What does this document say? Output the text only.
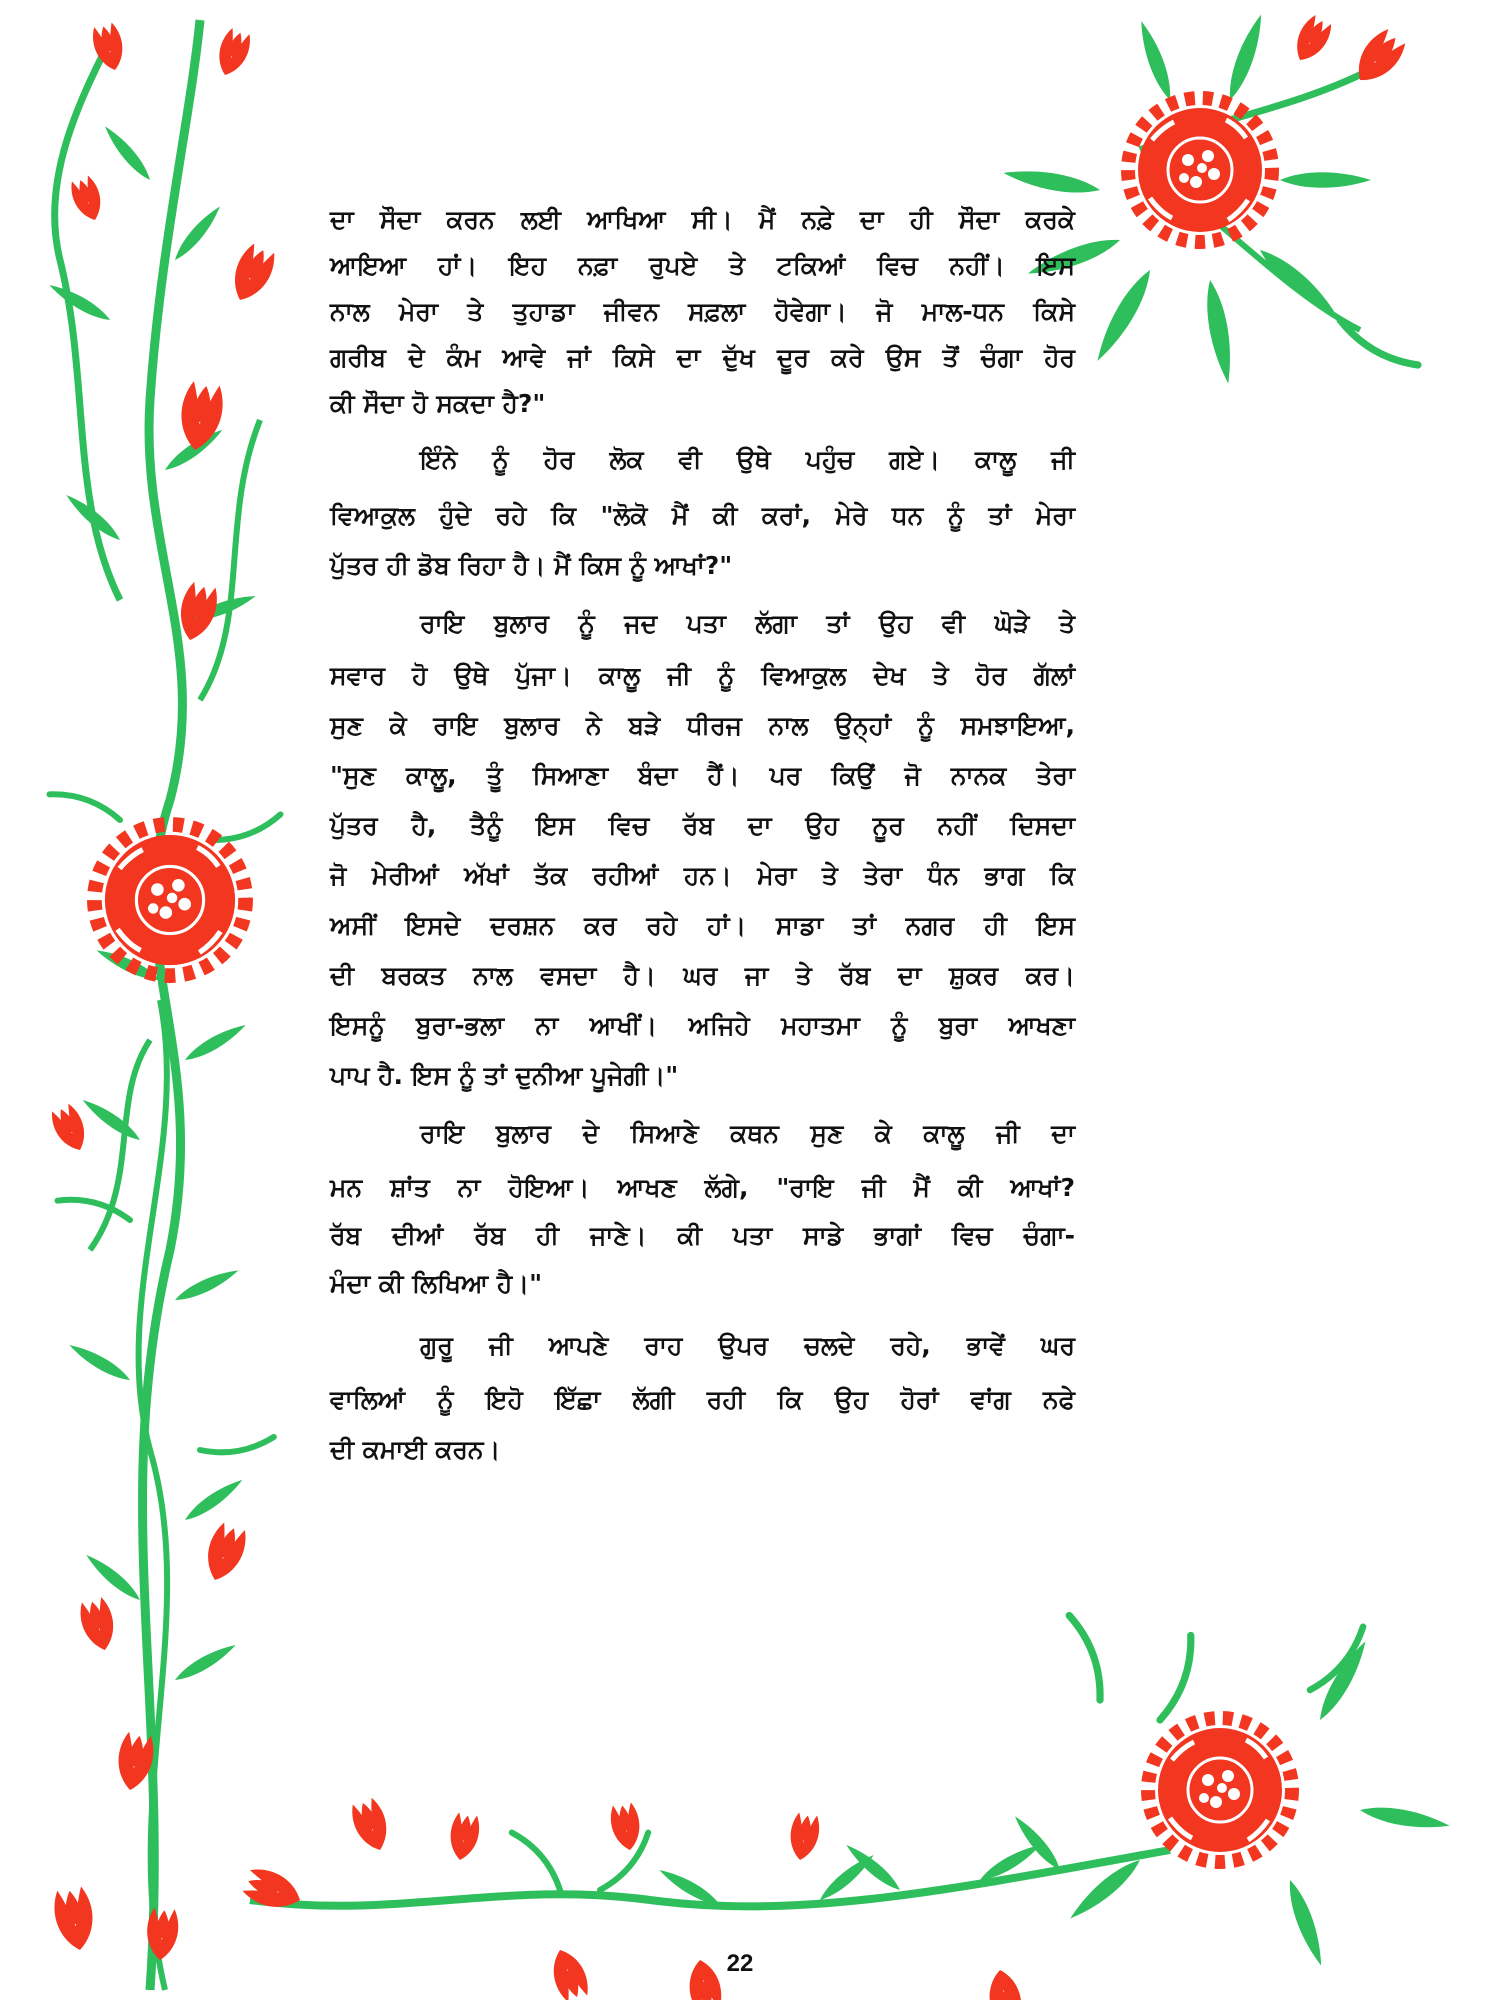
ਦਾ ਸੌਦਾ ਕਰਨ ਲਈ ਆਖਿਆ ਸੀ। ਮੈਂ ਨਫ਼ੇ ਦਾ ਹੀ ਸੌਦਾ ਕਰਕੇ
ਆਇਆ ਹਾਂ। ਇਹ ਨਫ਼ਾ ਰੁਪਏ ਤੇ ਟਕਿਆਂ ਵਿਚ ਨਹੀਂ। ਇਸ
ਨਾਲ ਮੇਰਾ ਤੇ ਤੁਹਾਡਾ ਜੀਵਨ ਸਫ਼ਲਾ ਹੋਵੇਗਾ। ਜੋ ਮਾਲ-ਧਨ ਕਿਸੇ
ਗਰੀਬ ਦੇ ਕੰਮ ਆਵੇ ਜਾਂ ਕਿਸੇ ਦਾ ਦੁੱਖ ਦੂਰ ਕਰੇ ਉਸ ਤੋਂ ਚੰਗਾ ਹੋਰ
ਕੀ ਸੌਦਾ ਹੋ ਸਕਦਾ ਹੈ?"
ਇੰਨੇ ਨੂੰ ਹੋਰ ਲੋਕ ਵੀ ਉਥੇ ਪਹੁੰਚ ਗਏ। ਕਾਲੂ ਜੀ
ਵਿਆਕੁਲ ਹੁੰਦੇ ਰਹੇ ਕਿ "ਲੋਕੋ ਮੈਂ ਕੀ ਕਰਾਂ, ਮੇਰੇ ਧਨ ਨੂੰ ਤਾਂ ਮੇਰਾ
ਪੁੱਤਰ ਹੀ ਡੋਬ ਰਿਹਾ ਹੈ। ਮੈਂ ਕਿਸ ਨੂੰ ਆਖਾਂ?"
ਰਾਇ ਬੁਲਾਰ ਨੂੰ ਜਦ ਪਤਾ ਲੱਗਾ ਤਾਂ ਉਹ ਵੀ ਘੋੜੇ ਤੇ
ਸਵਾਰ ਹੋ ਉਥੇ ਪੁੱਜਾ। ਕਾਲੂ ਜੀ ਨੂੰ ਵਿਆਕੁਲ ਦੇਖ ਤੇ ਹੋਰ ਗੱਲਾਂ
ਸੁਣ ਕੇ ਰਾਇ ਬੁਲਾਰ ਨੇ ਬੜੇ ਧੀਰਜ ਨਾਲ ਉਨ੍ਹਾਂ ਨੂੰ ਸਮਝਾਇਆ,
"ਸੁਣ ਕਾਲੂ, ਤੂੰ ਸਿਆਣਾ ਬੰਦਾ ਹੈਂ। ਪਰ ਕਿਉਂ ਜੋ ਨਾਨਕ ਤੇਰਾ
ਪੁੱਤਰ ਹੈ, ਤੈਨੂੰ ਇਸ ਵਿਚ ਰੱਬ ਦਾ ਉਹ ਨੂਰ ਨਹੀਂ ਦਿਸਦਾ
ਜੋ ਮੇਰੀਆਂ ਅੱਖਾਂ ਤੱਕ ਰਹੀਆਂ ਹਨ। ਮੇਰਾ ਤੇ ਤੇਰਾ ਧੰਨ ਭਾਗ ਕਿ
ਅਸੀਂ ਇਸਦੇ ਦਰਸ਼ਨ ਕਰ ਰਹੇ ਹਾਂ। ਸਾਡਾ ਤਾਂ ਨਗਰ ਹੀ ਇਸ
ਦੀ ਬਰਕਤ ਨਾਲ ਵਸਦਾ ਹੈ। ਘਰ ਜਾ ਤੇ ਰੱਬ ਦਾ ਸ਼ੁਕਰ ਕਰ।
ਇਸਨੂੰ ਬੁਰਾ-ਭਲਾ ਨਾ ਆਖੀਂ। ਅਜਿਹੇ ਮਹਾਤਮਾ ਨੂੰ ਬੁਰਾ ਆਖਣਾ
ਪਾਪ ਹੈ. ਇਸ ਨੂੰ ਤਾਂ ਦੁਨੀਆ ਪੂਜੇਗੀ।"
ਰਾਇ ਬੁਲਾਰ ਦੇ ਸਿਆਣੇ ਕਥਨ ਸੁਣ ਕੇ ਕਾਲੂ ਜੀ ਦਾ
ਮਨ ਸ਼ਾਂਤ ਨਾ ਹੋਇਆ। ਆਖਣ ਲੱਗੇ, "ਰਾਇ ਜੀ ਮੈਂ ਕੀ ਆਖਾਂ?
ਰੱਬ ਦੀਆਂ ਰੱਬ ਹੀ ਜਾਣੇ। ਕੀ ਪਤਾ ਸਾਡੇ ਭਾਗਾਂ ਵਿਚ ਚੰਗਾ-
ਮੰਦਾ ਕੀ ਲਿਖਿਆ ਹੈ।"
ਗੁਰੂ ਜੀ ਆਪਣੇ ਰਾਹ ਉਪਰ ਚਲਦੇ ਰਹੇ, ਭਾਵੇਂ ਘਰ
ਵਾਲਿਆਂ ਨੂੰ ਇਹੋ ਇੱਛਾ ਲੱਗੀ ਰਹੀ ਕਿ ਉਹ ਹੋਰਾਂ ਵਾਂਗ ਨਫੇ
ਦੀ ਕਮਾਈ ਕਰਨ।
22
